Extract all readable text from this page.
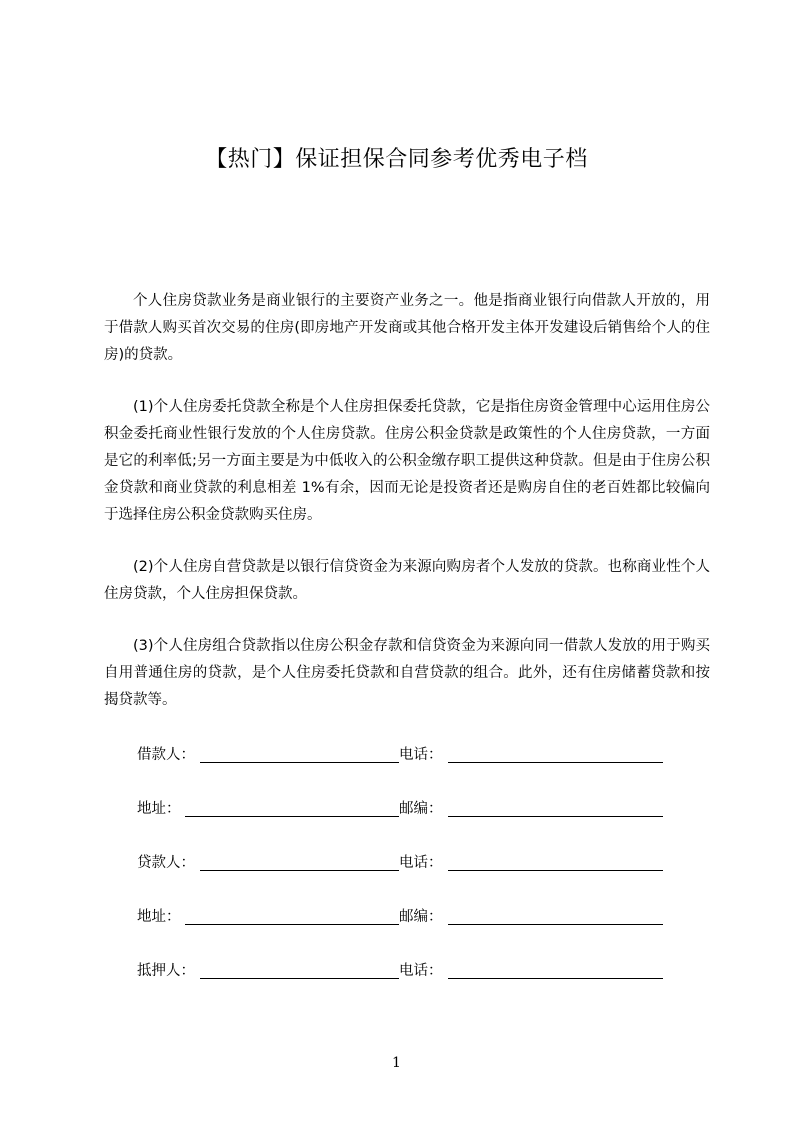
【热门】保证担保合同参考优秀电子档

个人住房贷款业务是商业银行的主要资产业务之一。他是指商业银行向借款人开放的，用于借款人购买首次交易的住房(即房地产开发商或其他合格开发主体开发建设后销售给个人的住房)的贷款。

(1)个人住房委托贷款全称是个人住房担保委托贷款，它是指住房资金管理中心运用住房公积金委托商业性银行发放的个人住房贷款。住房公积金贷款是政策性的个人住房贷款，一方面是它的利率低;另一方面主要是为中低收入的公积金缴存职工提供这种贷款。但是由于住房公积金贷款和商业贷款的利息相差 1%有余，因而无论是投资者还是购房自住的老百姓都比较偏向于选择住房公积金贷款购买住房。

(2)个人住房自营贷款是以银行信贷资金为来源向购房者个人发放的贷款。也称商业性个人住房贷款，个人住房担保贷款。

(3)个人住房组合贷款指以住房公积金存款和信贷资金为来源向同一借款人发放的用于购买自用普通住房的贷款，是个人住房委托贷款和自营贷款的组合。此外，还有住房储蓄贷款和按揭贷款等。

借款人：	电话：
地址：	邮编：
贷款人：	电话：
地址：	邮编：
抵押人：	电话：
1
